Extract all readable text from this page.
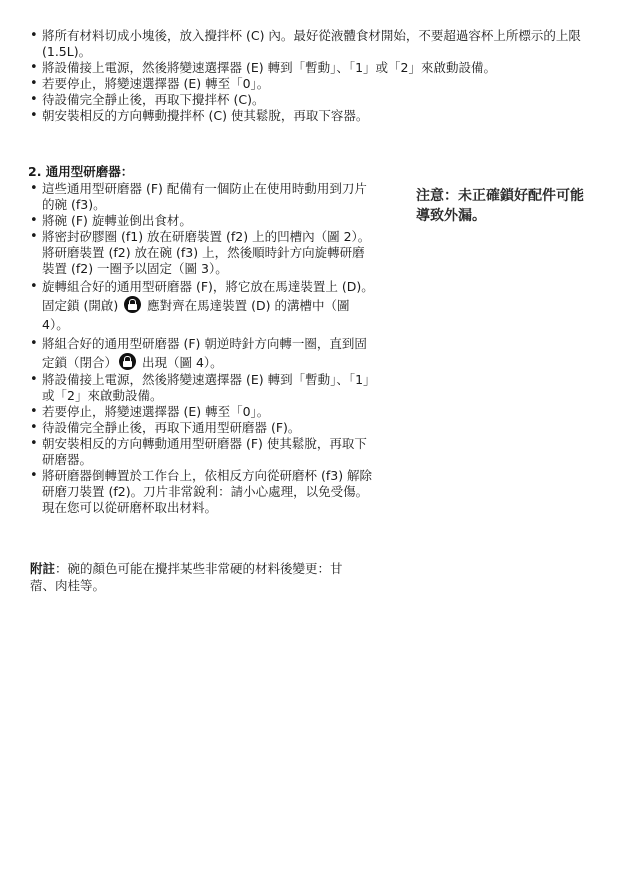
• 將所有材料切成小塊後，放入攪拌杯 (C) 內。最好從液體食材開始，不要超過容杯上所標示的上限 (1.5L)。
• 將設備接上電源，然後將變速選擇器 (E) 轉到「暫動」、「1」或「2」來啟動設備。
• 若要停止，將變速選擇器 (E) 轉至「0」。
• 待設備完全靜止後，再取下攪拌杯 (C)。
• 朝安裝相反的方向轉動攪拌杯 (C) 使其鬆脫，再取下容器。
2. 通用型研磨器：
• 這些通用型研磨器 (F) 配備有一個防止在使用時動用到刀片的碗 (f3)。
• 將碗 (F) 旋轉並倒出食材。
• 將密封矽膠圈 (f1) 放在研磨裝置 (f2) 上的凹槽內（圖 2）。將研磨裝置 (f2) 放在碗 (f3) 上，然後順時針方向旋轉研磨裝置 (f2) 一圈予以固定（圖 3）。
• 旋轉組合好的通用型研磨器 (F)，將它放在馬達裝置上 (D)。固定鎖 (開啟)  應對齊在馬達裝置 (D) 的溝槽中（圖 4）。
• 將組合好的通用型研磨器 (F) 朝逆時針方向轉一圈，直到固定鎖（閉合） 出現（圖 4）。
• 將設備接上電源，然後將變速選擇器 (E) 轉到「暫動」、「1」或「2」來啟動設備。
• 若要停止，將變速選擇器 (E) 轉至「0」。
• 待設備完全靜止後，再取下通用型研磨器 (F)。
• 朝安裝相反的方向轉動通用型研磨器 (F) 使其鬆脫，再取下研磨器。
• 將研磨器倒轉置於工作台上，依相反方向從研磨杯 (f3) 解除研磨刀裝置 (f2)。刀片非常銳利：請小心處理，以免受傷。現在您可以從研磨杯取出材料。
注意：未正確鎖好配件可能導致外漏。
附註：碗的顏色可能在攪拌某些非常硬的材料後變更：甘蓿、肉桂等。
